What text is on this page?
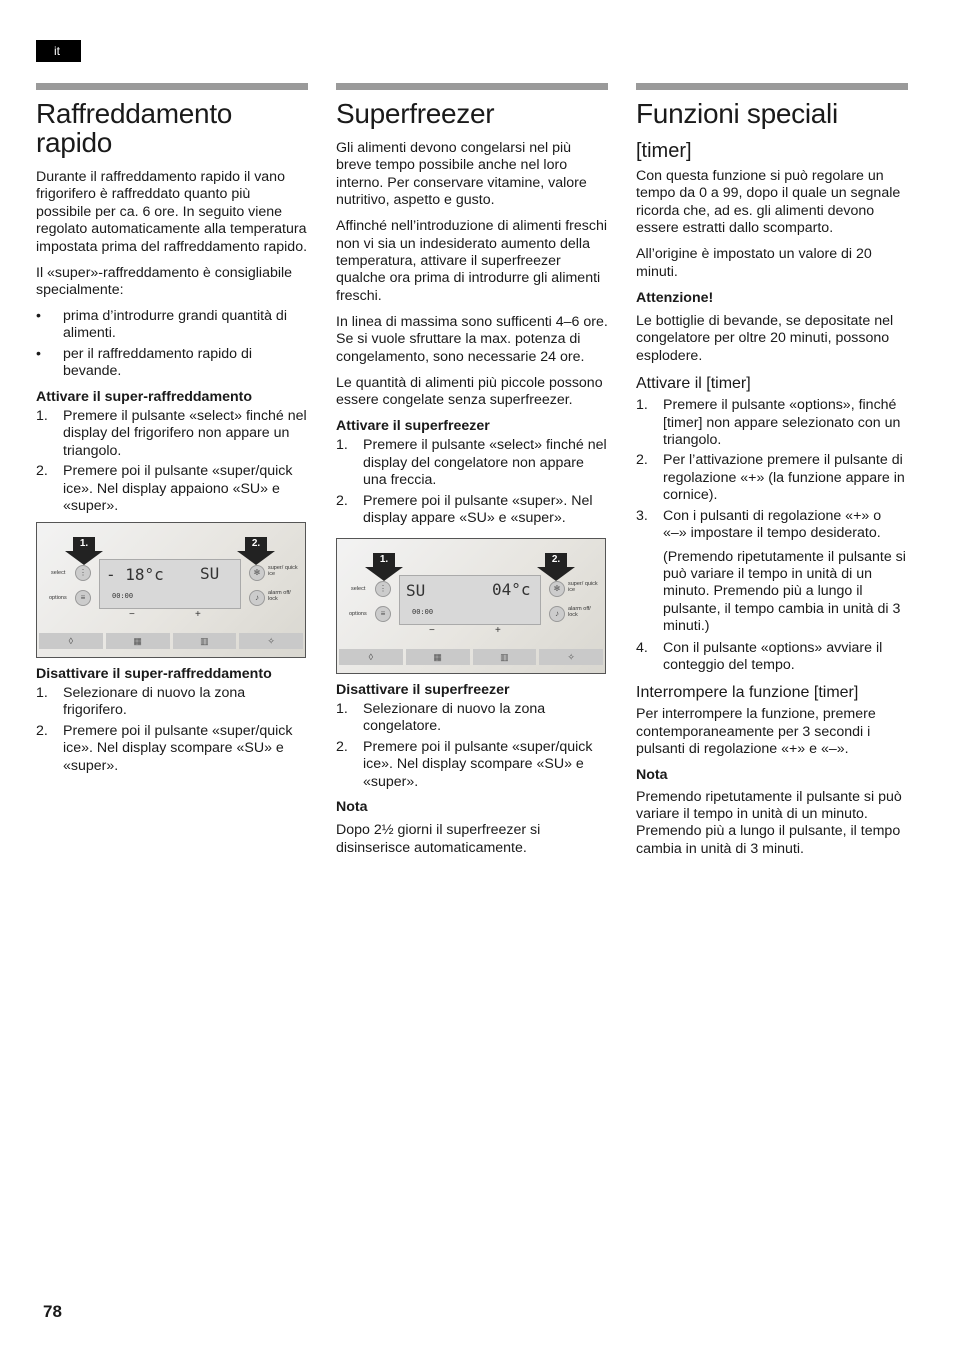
it
Raffreddamento rapido

Durante il raffreddamento rapido il vano frigorifero è raffreddato quanto più possibile per ca. 6 ore. In seguito viene regolato automaticamente alla temperatura impostata prima del raffreddamento rapido.

Il «super»-raffreddamento è consigliabile specialmente:

• prima d’introdurre grandi quantità di alimenti.
• per il raffreddamento rapido di bevande.
Attivare il super-raffreddamento
1. Premere il pulsante «select» finché nel display del frigorifero non appare un triangolo.
2. Premere poi il pulsante «super/quick ice». Nel display appaiono «SU» e «super».
1.	2.
select	⋮
options	≡
- 18°c
00:00
SU	✻	super/ quick ice
♪	alarm off/ lock
−	+
◊	▦	▥	✧
Disattivare il super-raffreddamento
1. Selezionare di nuovo la zona frigorifero.
2. Premere poi il pulsante «super/quick ice». Nel display scompare «SU» e «super».
Superfreezer

Gli alimenti devono congelarsi nel più breve tempo possibile anche nel loro interno. Per conservare vitamine, valore nutritivo, aspetto e gusto.

Affinché nell’introduzione di alimenti freschi non vi sia un indesiderato aumento della temperatura, attivare il superfreezer qualche ora prima di introdurre gli alimenti freschi.

In linea di massima sono sufficenti 4–6 ore. Se si vuole sfruttare la max. potenza di congelamento, sono necessarie 24 ore.

Le quantità di alimenti più piccole possono essere congelate senza superfreezer.

Attivare il superfreezer
1. Premere il pulsante «select» finché nel display del congelatore non appare una freccia.
2. Premere poi il pulsante «super». Nel display appare «SU» e «super».
1.	2.
select	⋮
options	≡
SU
00:00
04°c	✻	super/ quick ice
♪	alarm off/ lock
−	+
◊	▦	▥	✧
Disattivare il superfreezer
1. Selezionare di nuovo la zona congelatore.
2. Premere poi il pulsante «super/quick ice». Nel display scompare «SU» e «super».
Nota

Dopo 2½ giorni il superfreezer si disinserisce automaticamente.

Funzioni speciali
[timer]

Con questa funzione si può regolare un tempo da 0 a 99, dopo il quale un segnale ricorda che, ad es. gli alimenti devono essere estratti dallo scomparto.

All’origine è impostato un valore di 20 minuti.

Attenzione!

Le bottiglie di bevande, se depositate nel congelatore per oltre 20 minuti, possono esplodere.

Attivare il [timer]
1. Premere il pulsante «options», finché [timer] non appare selezionato con un triangolo.
2. Per l’attivazione premere il pulsante di regolazione «+» (la funzione appare in cornice).
3. Con i pulsanti di regolazione «+» o «–» impostare il tempo desiderato.
(Premendo ripetutamente il pulsante si può variare il tempo in unità di un minuto. Premendo più a lungo il pulsante, il tempo cambia in unità di 3 minuti.)
4. Con il pulsante «options» avviare il conteggio del tempo.
Interrompere la funzione [timer]

Per interrompere la funzione, premere contemporaneamente per 3 secondi i pulsanti di regolazione «+» e «–».

Nota

Premendo ripetutamente il pulsante si può variare il tempo in unità di un minuto. Premendo più a lungo il pulsante, il tempo cambia in unità di 3 minuti.

78
